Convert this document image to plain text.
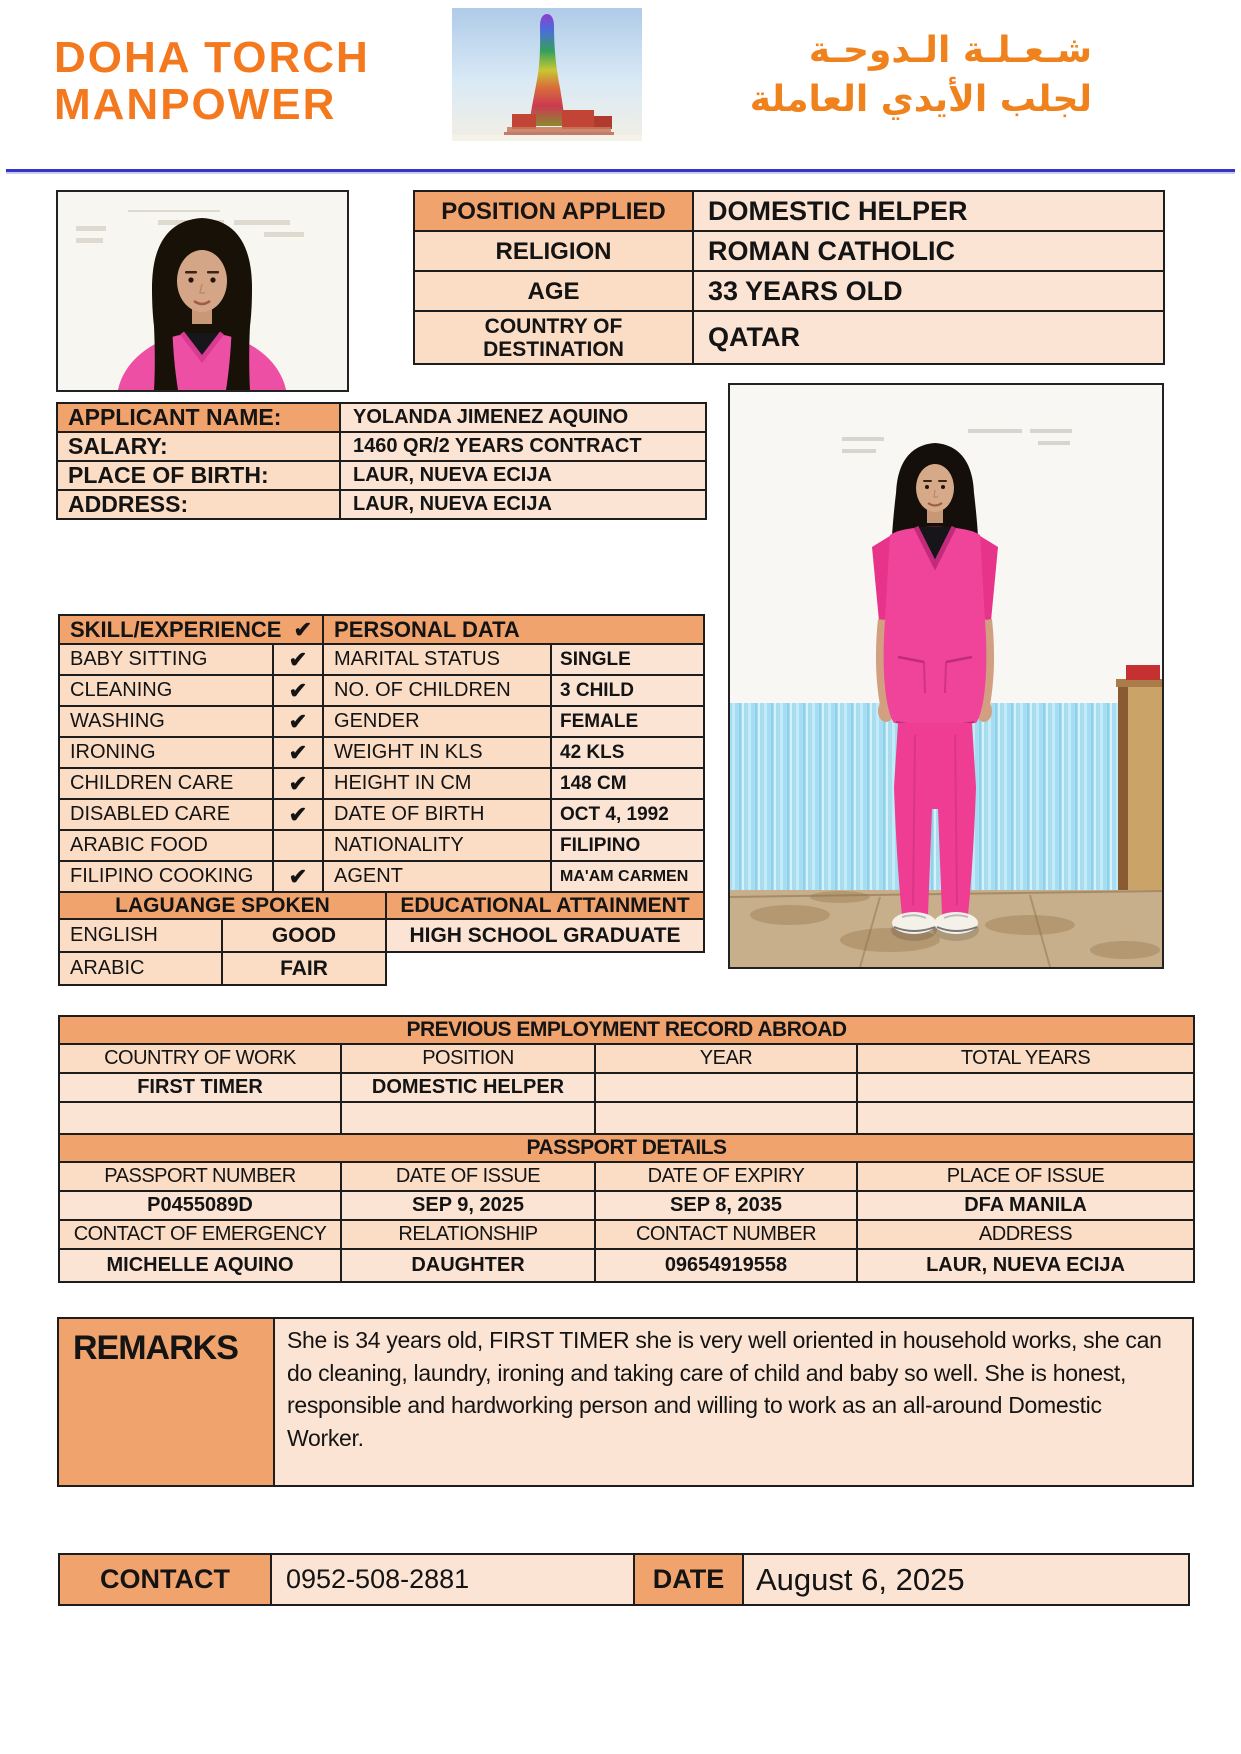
DOHA TORCH
MANPOWER
شـعـلـة الـدوحـة
لجلب الأيدي العاملة
POSITION APPLIED	DOMESTIC HELPER
RELIGION	ROMAN CATHOLIC
AGE	33 YEARS OLD
COUNTRY OF DESTINATION	QATAR
APPLICANT NAME:	YOLANDA JIMENEZ AQUINO
SALARY:	1460 QR/2 YEARS CONTRACT
PLACE OF BIRTH:	LAUR, NUEVA ECIJA
ADDRESS:	LAUR, NUEVA ECIJA
SKILL/EXPERIENCE ✔		PERSONAL DATA	
BABY SITTING	✔	MARITAL STATUS	SINGLE
CLEANING	✔	NO. OF CHILDREN	3 CHILD
WASHING	✔	GENDER	FEMALE
IRONING	✔	WEIGHT IN KLS	42 KLS
CHILDREN CARE	✔	HEIGHT IN CM	148 CM
DISABLED CARE	✔	DATE OF BIRTH	OCT 4, 1992
ARABIC FOOD		NATIONALITY	FILIPINO
FILIPINO COOKING	✔	AGENT	MA'AM CARMEN
LAGUANGE SPOKEN		EDUCATIONAL ATTAINMENT
ENGLISH	GOOD	HIGH SCHOOL GRADUATE
ARABIC	FAIR	
PREVIOUS EMPLOYMENT RECORD ABROAD			
COUNTRY OF WORK	POSITION	YEAR	TOTAL YEARS
FIRST TIMER	DOMESTIC HELPER		

PASSPORT DETAILS			
PASSPORT NUMBER	DATE OF ISSUE	DATE OF EXPIRY	PLACE OF ISSUE
P0455089D	SEP 9, 2025	SEP 8, 2035	DFA MANILA
CONTACT OF EMERGENCY	RELATIONSHIP	CONTACT NUMBER	ADDRESS
MICHELLE AQUINO	DAUGHTER	09654919558	LAUR, NUEVA ECIJA
REMARKS	She is 34 years old, FIRST TIMER she is very well oriented in household works, she can do cleaning, laundry, ironing and taking care of child and baby so well. She is honest, responsible and hardworking person and willing to work as an all-around Domestic Worker.
CONTACT	0952-508-2881	DATE	August 6, 2025
